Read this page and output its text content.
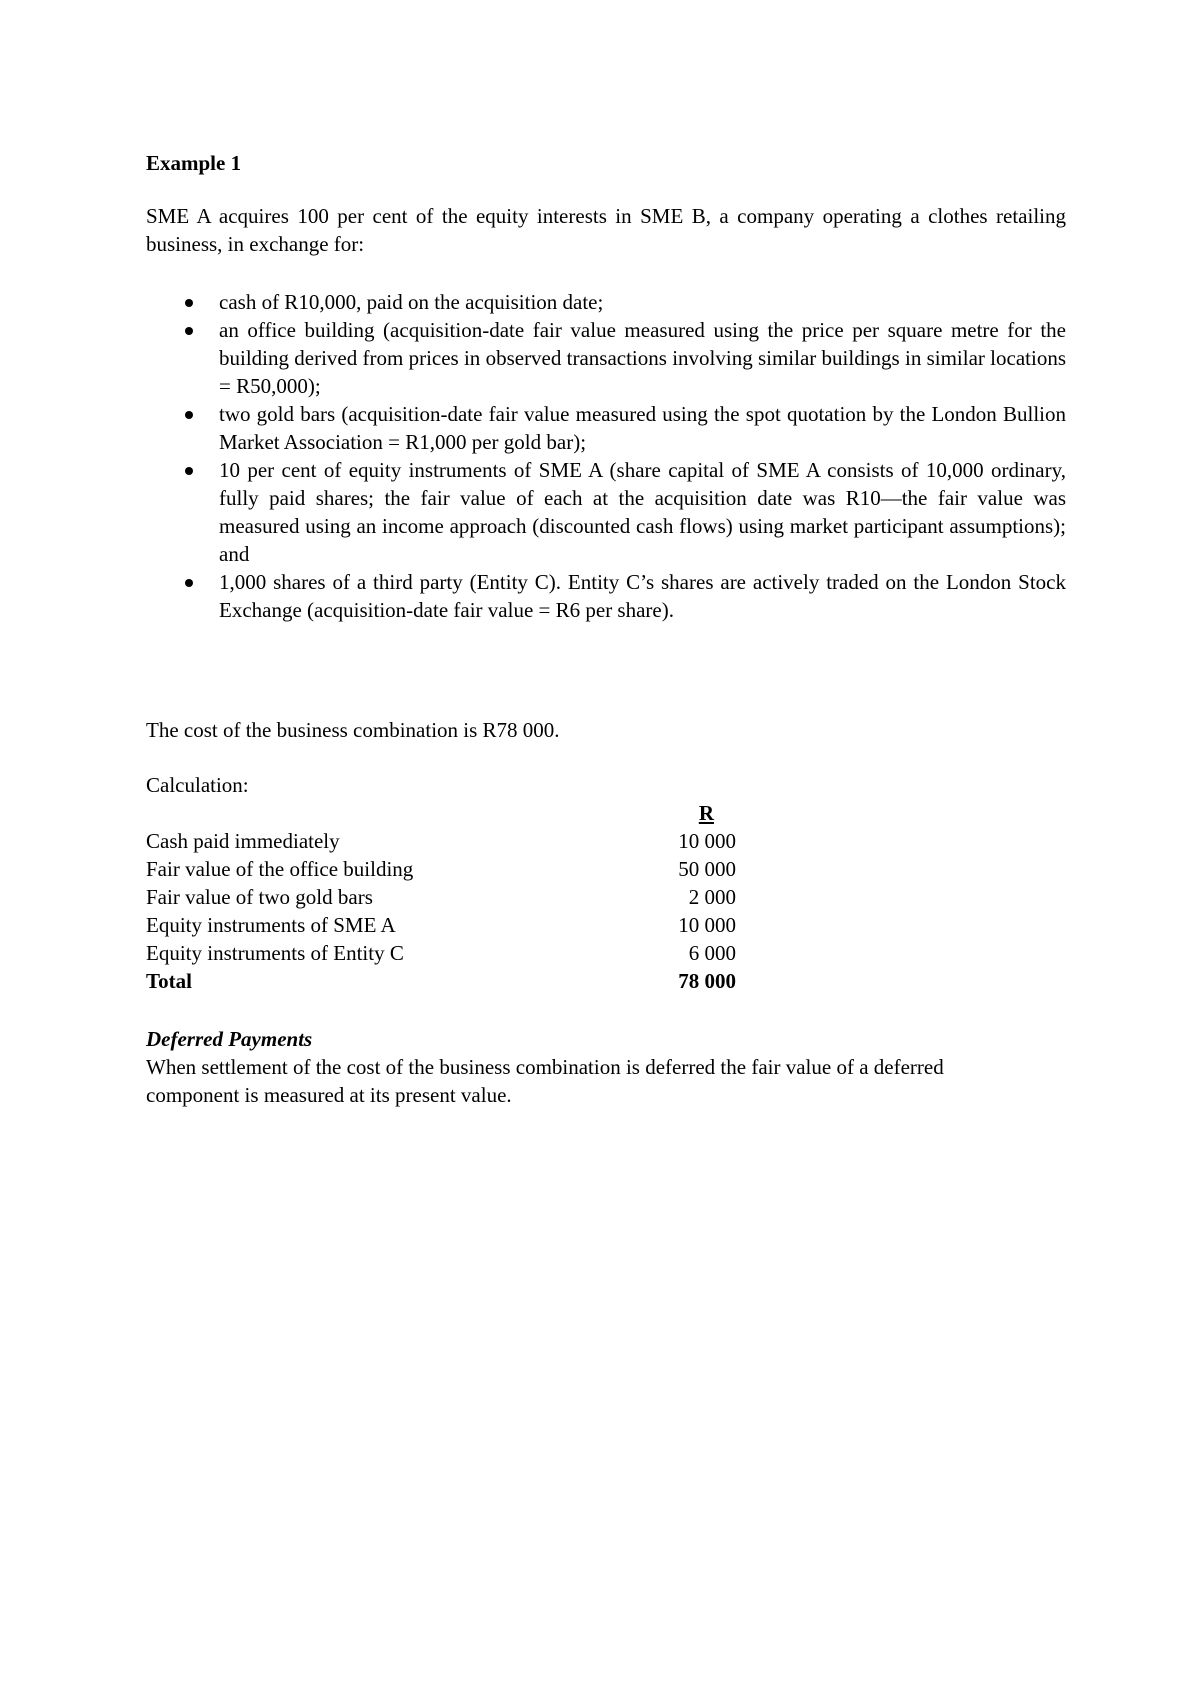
Example 1
SME A acquires 100 per cent of the equity interests in SME B, a company operating a clothes retailing business, in exchange for:
cash of R10,000, paid on the acquisition date;
an office building (acquisition-date fair value measured using the price per square metre for the building derived from prices in observed transactions involving similar buildings in similar locations = R50,000);
two gold bars (acquisition-date fair value measured using the spot quotation by the London Bullion Market Association = R1,000 per gold bar);
10 per cent of equity instruments of SME A (share capital of SME A consists of 10,000 ordinary, fully paid shares; the fair value of each at the acquisition date was R10—the fair value was measured using an income approach (discounted cash flows) using market participant assumptions); and
1,000 shares of a third party (Entity C). Entity C’s shares are actively traded on the London Stock Exchange (acquisition-date fair value = R6 per share).
The cost of the business combination is R78 000.
Calculation:
R
Cash paid immediately	10 000
Fair value of the office building	50 000
Fair value of two gold bars	2 000
Equity instruments of SME A	10 000
Equity instruments of Entity C	6 000
Total	78 000
Deferred Payments
When settlement of the cost of the business combination is deferred the fair value of a deferred component is measured at its present value.
